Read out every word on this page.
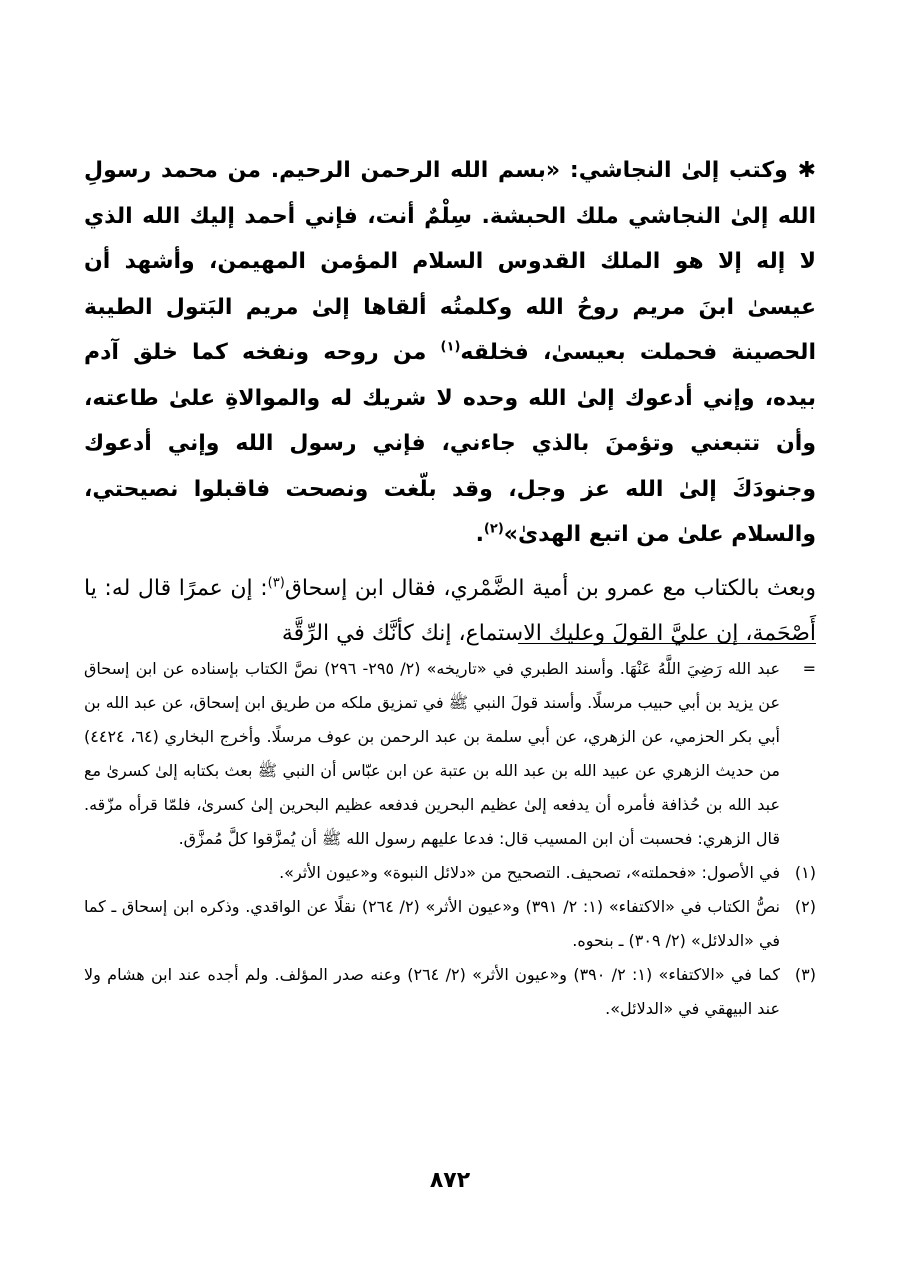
✱ وكتب إلىٰ النجاشي: «بسم الله الرحمن الرحيم. من محمد رسولِ الله إلىٰ النجاشي ملك الحبشة. سِلْمٌ أنت، فإني أحمد إليك الله الذي لا إله إلا هو الملك القدوس السلام المؤمن المهيمن، وأشهد أن عيسىٰ ابنَ مريم روحُ الله وكلمتُه ألقاها إلىٰ مريم البَتول الطيبة الحصينة فحملت بعيسىٰ، فخلقه$^{(١)}$ من روحه ونفخه كما خلق آدم بيده، وإني أدعوك إلىٰ الله وحده لا شريك له والموالاةِ علىٰ طاعته، وأن تتبعني وتؤمنَ بالذي جاءني، فإني رسول الله وإني أدعوك وجنودَكَ إلىٰ الله عز وجل، وقد بلّغت ونصحت فاقبلوا نصيحتي، والسلام علىٰ من اتبع الهدىٰ»$^{(٢)}$.

وبعث بالكتاب مع عمرو بن أمية الضَّمْري، فقال ابن إسحاق$^{(٣)}$: إن عمرًا قال له: يا أَصْحَمة، إن عليَّ القولَ وعليك الاستماع، إنك كأنَّك في الرِّقَّة

=
عبد الله رَضِيَ اللَّهُ عَنْهَا. وأسند الطبري في «تاريخه» (٢/ ٢٩٥- ٢٩٦) نصَّ الكتاب بإسناده عن ابن إسحاق عن يزيد بن أبي حبيب مرسلًا. وأسند قولَ النبي ﷺ في تمزيق ملكه من طريق ابن إسحاق، عن عبد الله بن أبي بكر الحزمي، عن الزهري، عن أبي سلمة بن عبد الرحمن بن عوف مرسلًا. وأخرج البخاري (٦٤، ٤٤٢٤) من حديث الزهري عن عبيد الله بن عبد الله بن عتبة عن ابن عبّاس أن النبي ﷺ بعث بكتابه إلىٰ كسرىٰ مع عبد الله بن حُذافة فأمره أن يدفعه إلىٰ عظيم البحرين فدفعه عظيم البحرين إلىٰ كسرىٰ، فلمّا قرأه مزّقه. قال الزهري: فحسبت أن ابن المسيب قال: فدعا عليهم رسول الله ﷺ أن يُمزَّقوا كلَّ مُمزَّق.
(١)
في الأصول: «فحملته»، تصحيف. التصحيح من «دلائل النبوة» و«عيون الأثر».
(٢)
نصُّ الكتاب في «الاكتفاء» (١: ٢/ ٣٩١) و«عيون الأثر» (٢/ ٢٦٤) نقلًا عن الواقدي. وذكره ابن إسحاق ـ كما في «الدلائل» (٢/ ٣٠٩) ـ بنحوه.
(٣)
كما في «الاكتفاء» (١: ٢/ ٣٩٠) و«عيون الأثر» (٢/ ٢٦٤) وعنه صدر المؤلف. ولم أجده عند ابن هشام ولا عند البيهقي في «الدلائل».
٨٧٢
